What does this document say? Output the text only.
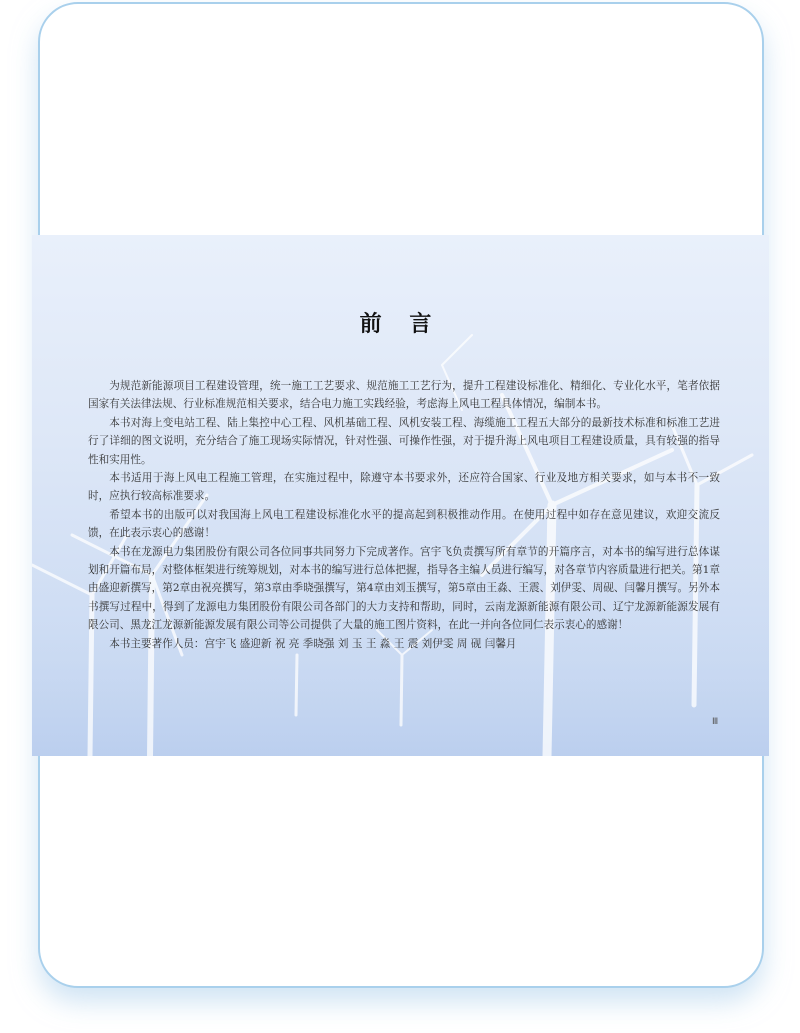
前 言

为规范新能源项目工程建设管理，统一施工工艺要求、规范施工工艺行为，提升工程建设标准化、精细化、专业化水平，笔者依据国家有关法律法规、行业标准规范相关要求，结合电力施工实践经验，考虑海上风电工程具体情况，编制本书。

本书对海上变电站工程、陆上集控中心工程、风机基础工程、风机安装工程、海缆施工工程五大部分的最新技术标准和标准工艺进行了详细的图文说明，充分结合了施工现场实际情况，针对性强、可操作性强，对于提升海上风电项目工程建设质量，具有较强的指导性和实用性。

本书适用于海上风电工程施工管理，在实施过程中，除遵守本书要求外，还应符合国家、行业及地方相关要求，如与本书不一致时，应执行较高标准要求。

希望本书的出版可以对我国海上风电工程建设标准化水平的提高起到积极推动作用。在使用过程中如存在意见建议，欢迎交流反馈，在此表示衷心的感谢！

本书在龙源电力集团股份有限公司各位同事共同努力下完成著作。宫宇飞负责撰写所有章节的开篇序言，对本书的编写进行总体谋划和开篇布局，对整体框架进行统筹规划，对本书的编写进行总体把握，指导各主编人员进行编写，对各章节内容质量进行把关。第1章由盛迎新撰写，第2章由祝亮撰写，第3章由季晓强撰写，第4章由刘玉撰写，第5章由王淼、王震、刘伊雯、周砚、闫馨月撰写。另外本书撰写过程中，得到了龙源电力集团股份有限公司各部门的大力支持和帮助，同时，云南龙源新能源有限公司、辽宁龙源新能源发展有限公司、黑龙江龙源新能源发展有限公司等公司提供了大量的施工图片资料，在此一并向各位同仁表示衷心的感谢！

本书主要著作人员：宫宇飞 盛迎新 祝 亮 季晓强 刘 玉 王 淼 王 震 刘伊雯 周 砚 闫馨月

Ⅲ
